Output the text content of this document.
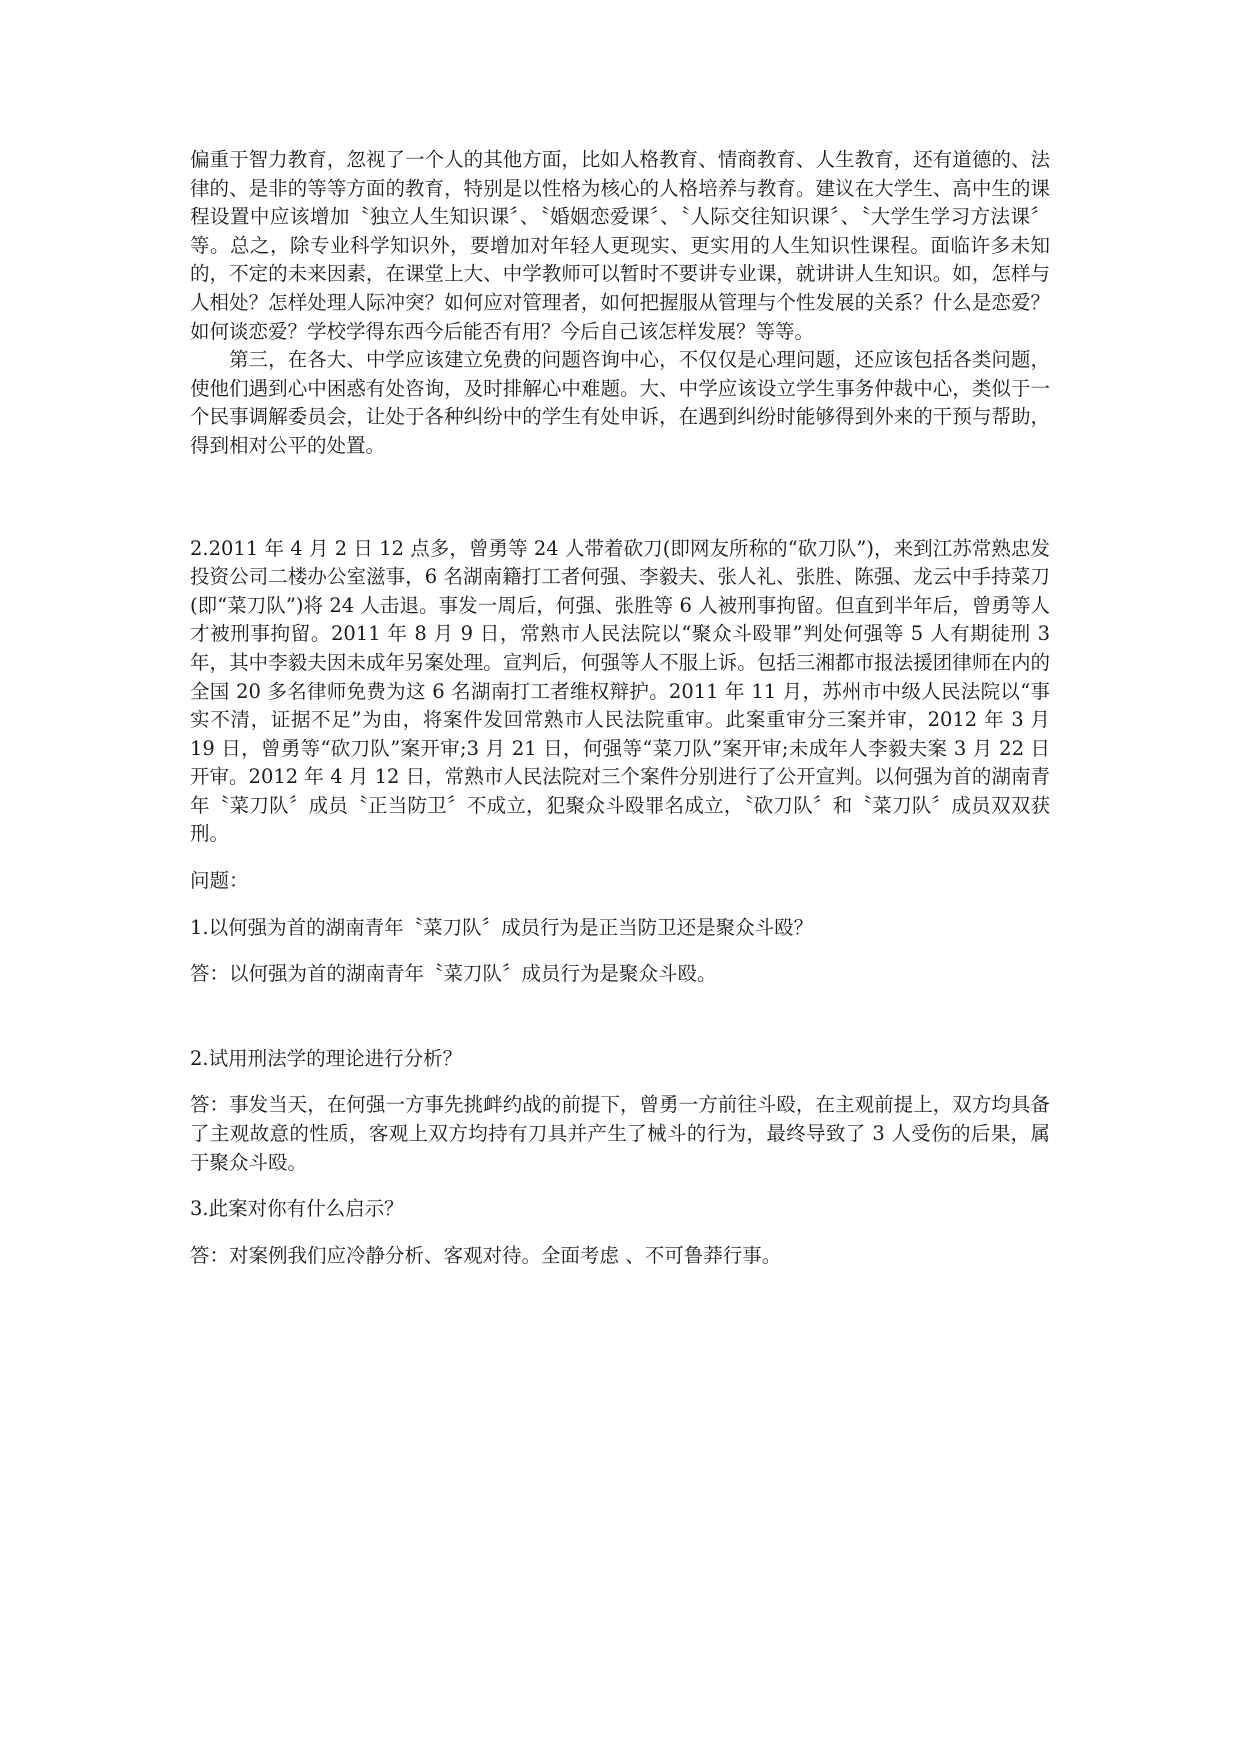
偏重于智力教育，忽视了一个人的其他方面，比如人格教育、情商教育、人生教育，还有道德的、法律的、是非的等等方面的教育，特别是以性格为核心的人格培养与教育。建议在大学生、高中生的课程设置中应该增加〝独立人生知识课〞、〝婚姻恋爱课〞、〝人际交往知识课〞、〝大学生学习方法课〞等。总之，除专业科学知识外，要增加对年轻人更现实、更实用的人生知识性课程。面临许多未知的，不定的未来因素，在课堂上大、中学教师可以暂时不要讲专业课，就讲讲人生知识。如，怎样与人相处？怎样处理人际冲突？如何应对管理者，如何把握服从管理与个性发展的关系？什么是恋爱？如何谈恋爱？学校学得东西今后能否有用？今后自己该怎样发展？等等。

第三，在各大、中学应该建立免费的问题咨询中心，不仅仅是心理问题，还应该包括各类问题，使他们遇到心中困惑有处咨询，及时排解心中难题。大、中学应该设立学生事务仲裁中心，类似于一个民事调解委员会，让处于各种纠纷中的学生有处申诉，在遇到纠纷时能够得到外来的干预与帮助，得到相对公平的处置。

2.2011 年 4 月 2 日 12 点多，曾勇等 24 人带着砍刀(即网友所称的“砍刀队”)，来到江苏常熟忠发投资公司二楼办公室滋事，6 名湖南籍打工者何强、李毅夫、张人礼、张胜、陈强、龙云中手持菜刀(即“菜刀队”)将 24 人击退。事发一周后，何强、张胜等 6 人被刑事拘留。但直到半年后，曾勇等人才被刑事拘留。2011 年 8 月 9 日，常熟市人民法院以“聚众斗殴罪”判处何强等 5 人有期徒刑 3 年，其中李毅夫因未成年另案处理。宣判后，何强等人不服上诉。包括三湘都市报法援团律师在内的全国 20 多名律师免费为这 6 名湖南打工者维权辩护。2011 年 11 月，苏州市中级人民法院以“事实不清，证据不足”为由，将案件发回常熟市人民法院重审。此案重审分三案并审，2012 年 3 月 19 日，曾勇等“砍刀队”案开审;3 月 21 日，何强等“菜刀队”案开审;未成年人李毅夫案 3 月 22 日开审。2012 年 4 月 12 日，常熟市人民法院对三个案件分别进行了公开宣判。以何强为首的湖南青年〝菜刀队〞成员〝正当防卫〞不成立，犯聚众斗殴罪名成立，〝砍刀队〞和〝菜刀队〞成员双双获刑。

问题：

1.以何强为首的湖南青年〝菜刀队〞成员行为是正当防卫还是聚众斗殴？

答：以何强为首的湖南青年〝菜刀队〞成员行为是聚众斗殴。

2.试用刑法学的理论进行分析？

答：事发当天，在何强一方事先挑衅约战的前提下，曾勇一方前往斗殴，在主观前提上，双方均具备了主观故意的性质，客观上双方均持有刀具并产生了械斗的行为，最终导致了 3 人受伤的后果，属于聚众斗殴。

3.此案对你有什么启示？

答：对案例我们应冷静分析、客观对待。全面考虑 、不可鲁莽行事。
